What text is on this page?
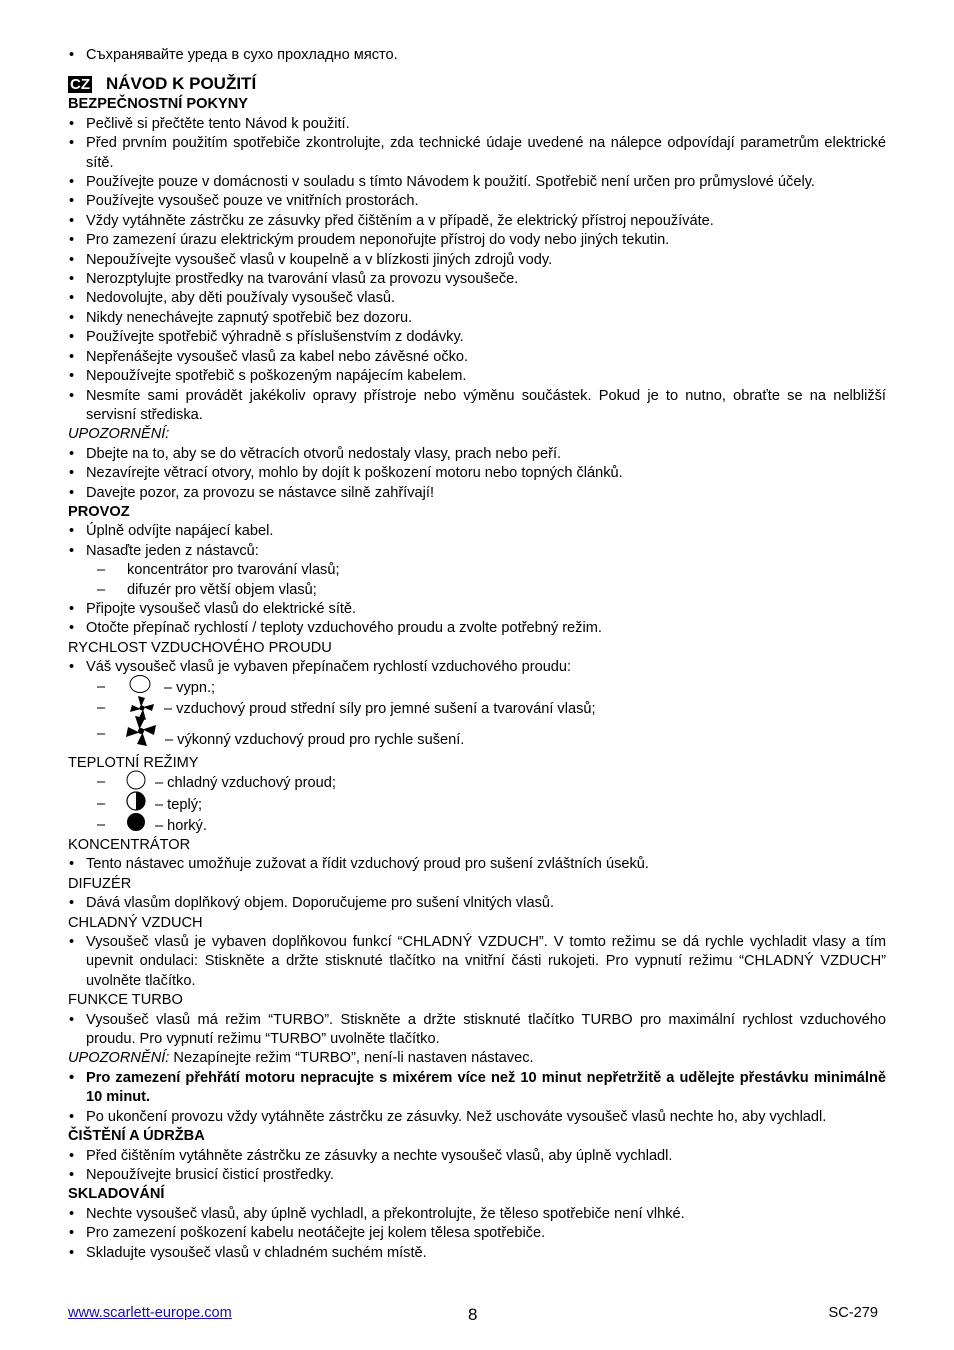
• Съхранявайте уреда в сухо прохладно място.
CZ NÁVOD K POUŽITÍ
BEZPEČNOSTNÍ POKYNY
• Pečlivě si přečtěte tento Návod k použití.
• Před prvním použitím spotřebiče zkontrolujte, zda technické údaje uvedené na nálepce odpovídají parametrům elektrické sítě.
• Používejte pouze v domácnosti v souladu s tímto Návodem k použití. Spotřebič není určen pro průmyslové účely.
• Používejte vysoušeč pouze ve vnitřních prostorách.
• Vždy vytáhněte zástrčku ze zásuvky před čištěním a v případě, že elektrický přístroj nepoužíváte.
• Pro zamezení úrazu elektrickým proudem neponořujte přístroj do vody nebo jiných tekutin.
• Nepoužívejte vysoušeč vlasů v koupelně a v blízkosti jiných zdrojů vody.
• Nerozptylujte prostředky na tvarování vlasů za provozu vysoušeče.
• Nedovolujte, aby děti používaly vysoušeč vlasů.
• Nikdy nenechávejte zapnutý spotřebič bez dozoru.
• Používejte spotřebič výhradně s příslušenstvím z dodávky.
• Nepřenášejte vysoušeč vlasů za kabel nebo závěsné očko.
• Nepoužívejte spotřebič s poškozeným napájecím kabelem.
• Nesmíte sami provádět jakékoliv opravy přístroje nebo výměnu součástek. Pokud je to nutno, obraťte se na nelbližší servisní střediska.
UPOZORNĚNÍ:
• Dbejte na to, aby se do větracích otvorů nedostaly vlasy, prach nebo peří.
• Nezavírejte větrací otvory, mohlo by dojít k poškození motoru nebo topných článků.
• Davejte pozor, za provozu se nástavce silně zahřívají!
PROVOZ
• Úplně odvíjte napájecí kabel.
• Nasaďte jeden z nástavců:
– koncentrátor pro tvarování vlasů;
– difuzér pro větší objem vlasů;
• Připojte vysoušeč vlasů do elektrické sítě.
• Otočte přepínač rychlostí / teploty vzduchového proudu a zvolte potřebný režim.
RYCHLOST VZDUCHOVÉHO PROUDU
• Váš vysoušeč vlasů je vybaven přepínačem rychlostí vzduchového proudu:
– – vypn.;
– – vzduchový proud střední síly pro jemné sušení a tvarování vlasů;
– – výkonný vzduchový proud pro rychle sušení.
TEPLOTNÍ REŽIMY
– – chladný vzduchový proud;
– – teplý;
– – horký.
KONCENTRÁTOR
• Tento nástavec umožňuje zužovat a řídit vzduchový proud pro sušení zvláštních úseků.
DIFUZÉR
• Dává vlasům doplňkový objem. Doporučujeme pro sušení vlnitých vlasů.
CHLADNÝ VZDUCH
• Vysoušeč vlasů je vybaven doplňkovou funkcí “CHLADNÝ VZDUCH”. V tomto režimu se dá rychle vychladit vlasy a tím upevnit ondulaci: Stiskněte a držte stisknuté tlačítko na vnitřní části rukojeti. Pro vypnutí režimu “CHLADNÝ VZDUCH” uvolněte tlačítko.
FUNKCE TURBO
• Vysoušeč vlasů má režim “TURBO”. Stiskněte a držte stisknuté tlačítko TURBO pro maximální rychlost vzduchového proudu. Pro vypnutí režimu “TURBO” uvolněte tlačítko.
UPOZORNĚNÍ: Nezapínejte režim “TURBO”, není-li nastaven nástavec.
• Pro zamezení přehřátí motoru nepracujte s mixérem více než 10 minut nepřetržitě a udělejte přestávku minimálně 10 minut.
• Po ukončení provozu vždy vytáhněte zástrčku ze zásuvky. Než uschováte vysoušeč vlasů nechte ho, aby vychladl.
ČIŠTĚNÍ A ÚDRŽBA
• Před čištěním vytáhněte zástrčku ze zásuvky a nechte vysoušeč vlasů, aby úplně vychladl.
• Nepoužívejte brusicí čisticí prostředky.
SKLADOVÁNÍ
• Nechte vysoušeč vlasů, aby úplně vychladl, a překontrolujte, že těleso spotřebiče není vlhké.
• Pro zamezení poškození kabelu neotáčejte jej kolem tělesa spotřebiče.
• Skladujte vysoušeč vlasů v chladném suchém místě.
www.scarlett-europe.com	8	SC-279
